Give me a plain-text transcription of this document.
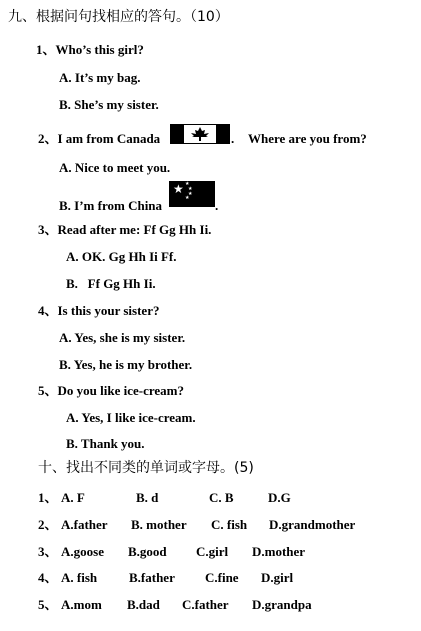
九、根据问句找相应的答句。（10）
1、Who’s this girl?
A. It’s my bag.
B. She’s my sister.
2、I am from Canada	. Where are you from?
A. Nice to meet you.
B. I’m from China
★ ★
★
★
★ .
3、Read after me: Ff Gg Hh Ii.
A. OK. Gg Hh Ii Ff.
B.   Ff Gg Hh Ii.
4、Is this your sister?
A. Yes, she is my sister.
B. Yes, he is my brother.
5、Do you like ice-cream?
A. Yes, I like ice-cream.
B. Thank you.
十、找出不同类的单词或字母。(5)
1、 A. F	B. d	C. B	D.G
2、 A.father B. mother C. fish D.grandmother
3、 A.goose B.good C.girl D.mother
4、 A. fish B.father C.fine D.girl
5、 A.mom B.dad C.father D.grandpa
